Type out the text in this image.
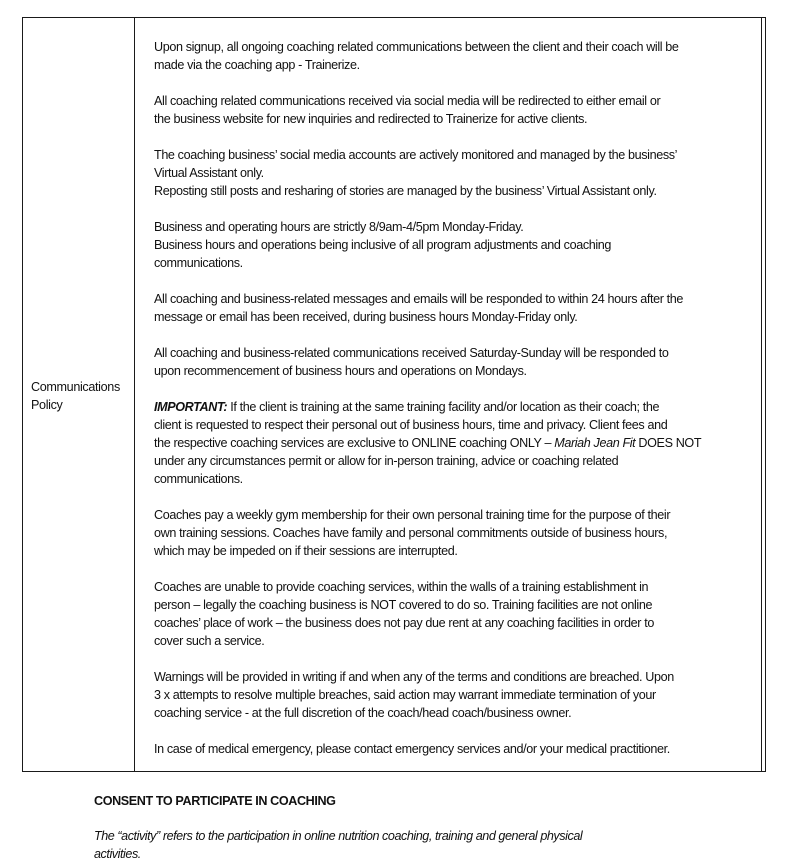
Communications
Policy

Upon signup, all ongoing coaching related communications between the client and their coach will be
made via the coaching app - Trainerize.

All coaching related communications received via social media will be redirected to either email or
the business website for new inquiries and redirected to Trainerize for active clients.

The coaching business’ social media accounts are actively monitored and managed by the business’
Virtual Assistant only.
Reposting still posts and resharing of stories are managed by the business’ Virtual Assistant only.

Business and operating hours are strictly 8/9am-4/5pm Monday-Friday.
Business hours and operations being inclusive of all program adjustments and coaching
communications.

All coaching and business-related messages and emails will be responded to within 24 hours after the
message or email has been received, during business hours Monday-Friday only.

All coaching and business-related communications received Saturday-Sunday will be responded to
upon recommencement of business hours and operations on Mondays.

IMPORTANT: If the client is training at the same training facility and/or location as their coach; the
client is requested to respect their personal out of business hours, time and privacy. Client fees and
the respective coaching services are exclusive to ONLINE coaching ONLY – Mariah Jean Fit DOES NOT
under any circumstances permit or allow for in-person training, advice or coaching related
communications.

Coaches pay a weekly gym membership for their own personal training time for the purpose of their
own training sessions. Coaches have family and personal commitments outside of business hours,
which may be impeded on if their sessions are interrupted.

Coaches are unable to provide coaching services, within the walls of a training establishment in
person – legally the coaching business is NOT covered to do so. Training facilities are not online
coaches’ place of work – the business does not pay due rent at any coaching facilities in order to
cover such a service.

Warnings will be provided in writing if and when any of the terms and conditions are breached. Upon
3 x attempts to resolve multiple breaches, said action may warrant immediate termination of your
coaching service - at the full discretion of the coach/head coach/business owner.

In case of medical emergency, please contact emergency services and/or your medical practitioner.

CONSENT TO PARTICIPATE IN COACHING
The “activity” refers to the participation in online nutrition coaching, training and general physical
activities.
